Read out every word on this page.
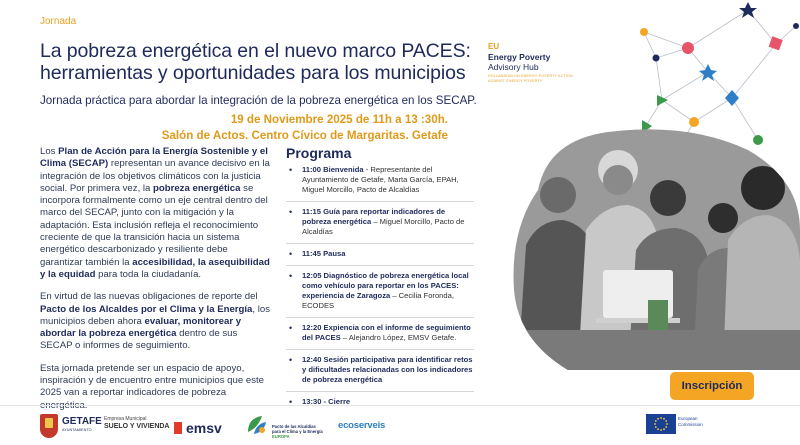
Jornada
La pobreza energética en el nuevo marco PACES:
herramientas y oportunidades para los municipios
Jornada práctica para abordar la integración de la pobreza energética en los SECAP.
19 de Noviembre 2025 de 11h a 13 :30h.
Salón de Actos. Centro Cívico de Margaritas. Getafe
EU
Energy Poverty
Advisory Hub
HOLLANDIAN ON ENERGY POVERTY ACTION AGAINST ENERGY POVERTY

Los Plan de Acción para la Energía Sostenible y el Clima (SECAP) representan un avance decisivo en la integración de los objetivos climáticos con la justicia social. Por primera vez, la pobreza energética se incorpora formalmente como un eje central dentro del marco del SECAP, junto con la mitigación y la adaptación. Esta inclusión refleja el reconocimiento creciente de que la transición hacia un sistema energético descarbonizado y resiliente debe garantizar también la accesibilidad, la asequibilidad y la equidad para toda la ciudadanía.

En virtud de las nuevas obligaciones de reporte del Pacto de los Alcaldes por el Clima y la Energía, los municipios deben ahora evaluar, monitorear y abordar la pobreza energética dentro de sus SECAP o informes de seguimiento.

Esta jornada pretende ser un espacio de apoyo, inspiración y de encuentro entre municipios que este 2025 van a reportar indicadores de pobreza energética.

Programa
• 11:00 Bienvenida - Representante del Ayuntamiento de Getafe, Marta García, EPAH, Miguel Morcillo, Pacto de Alcaldías
• 11:15 Guía para reportar indicadores de pobreza energética – Miguel Morcillo, Pacto de Alcaldías
• 11:45 Pausa
• 12:05 Diagnóstico de pobreza energética local como vehículo para reportar en los PACES: experiencia de Zaragoza – Cecilia Foronda, ECODES
• 12:20 Expiencia con el informe de seguimiento del PACES – Alejandro López, EMSV Getafe.
• 12:40 Sesión participativa para identificar retos y dificultades relacionadas con los indicadores de pobreza energética
• 13:30 - Cierre
Inscripción
GETAFE
AYUNTAMIENTO
Empresa Municipal
SUELO Y VIVIENDA	emsv	Pacto de las Alcaldías
para el Clima y la Energía
EUROPA
ecoserveis
European
Commission
